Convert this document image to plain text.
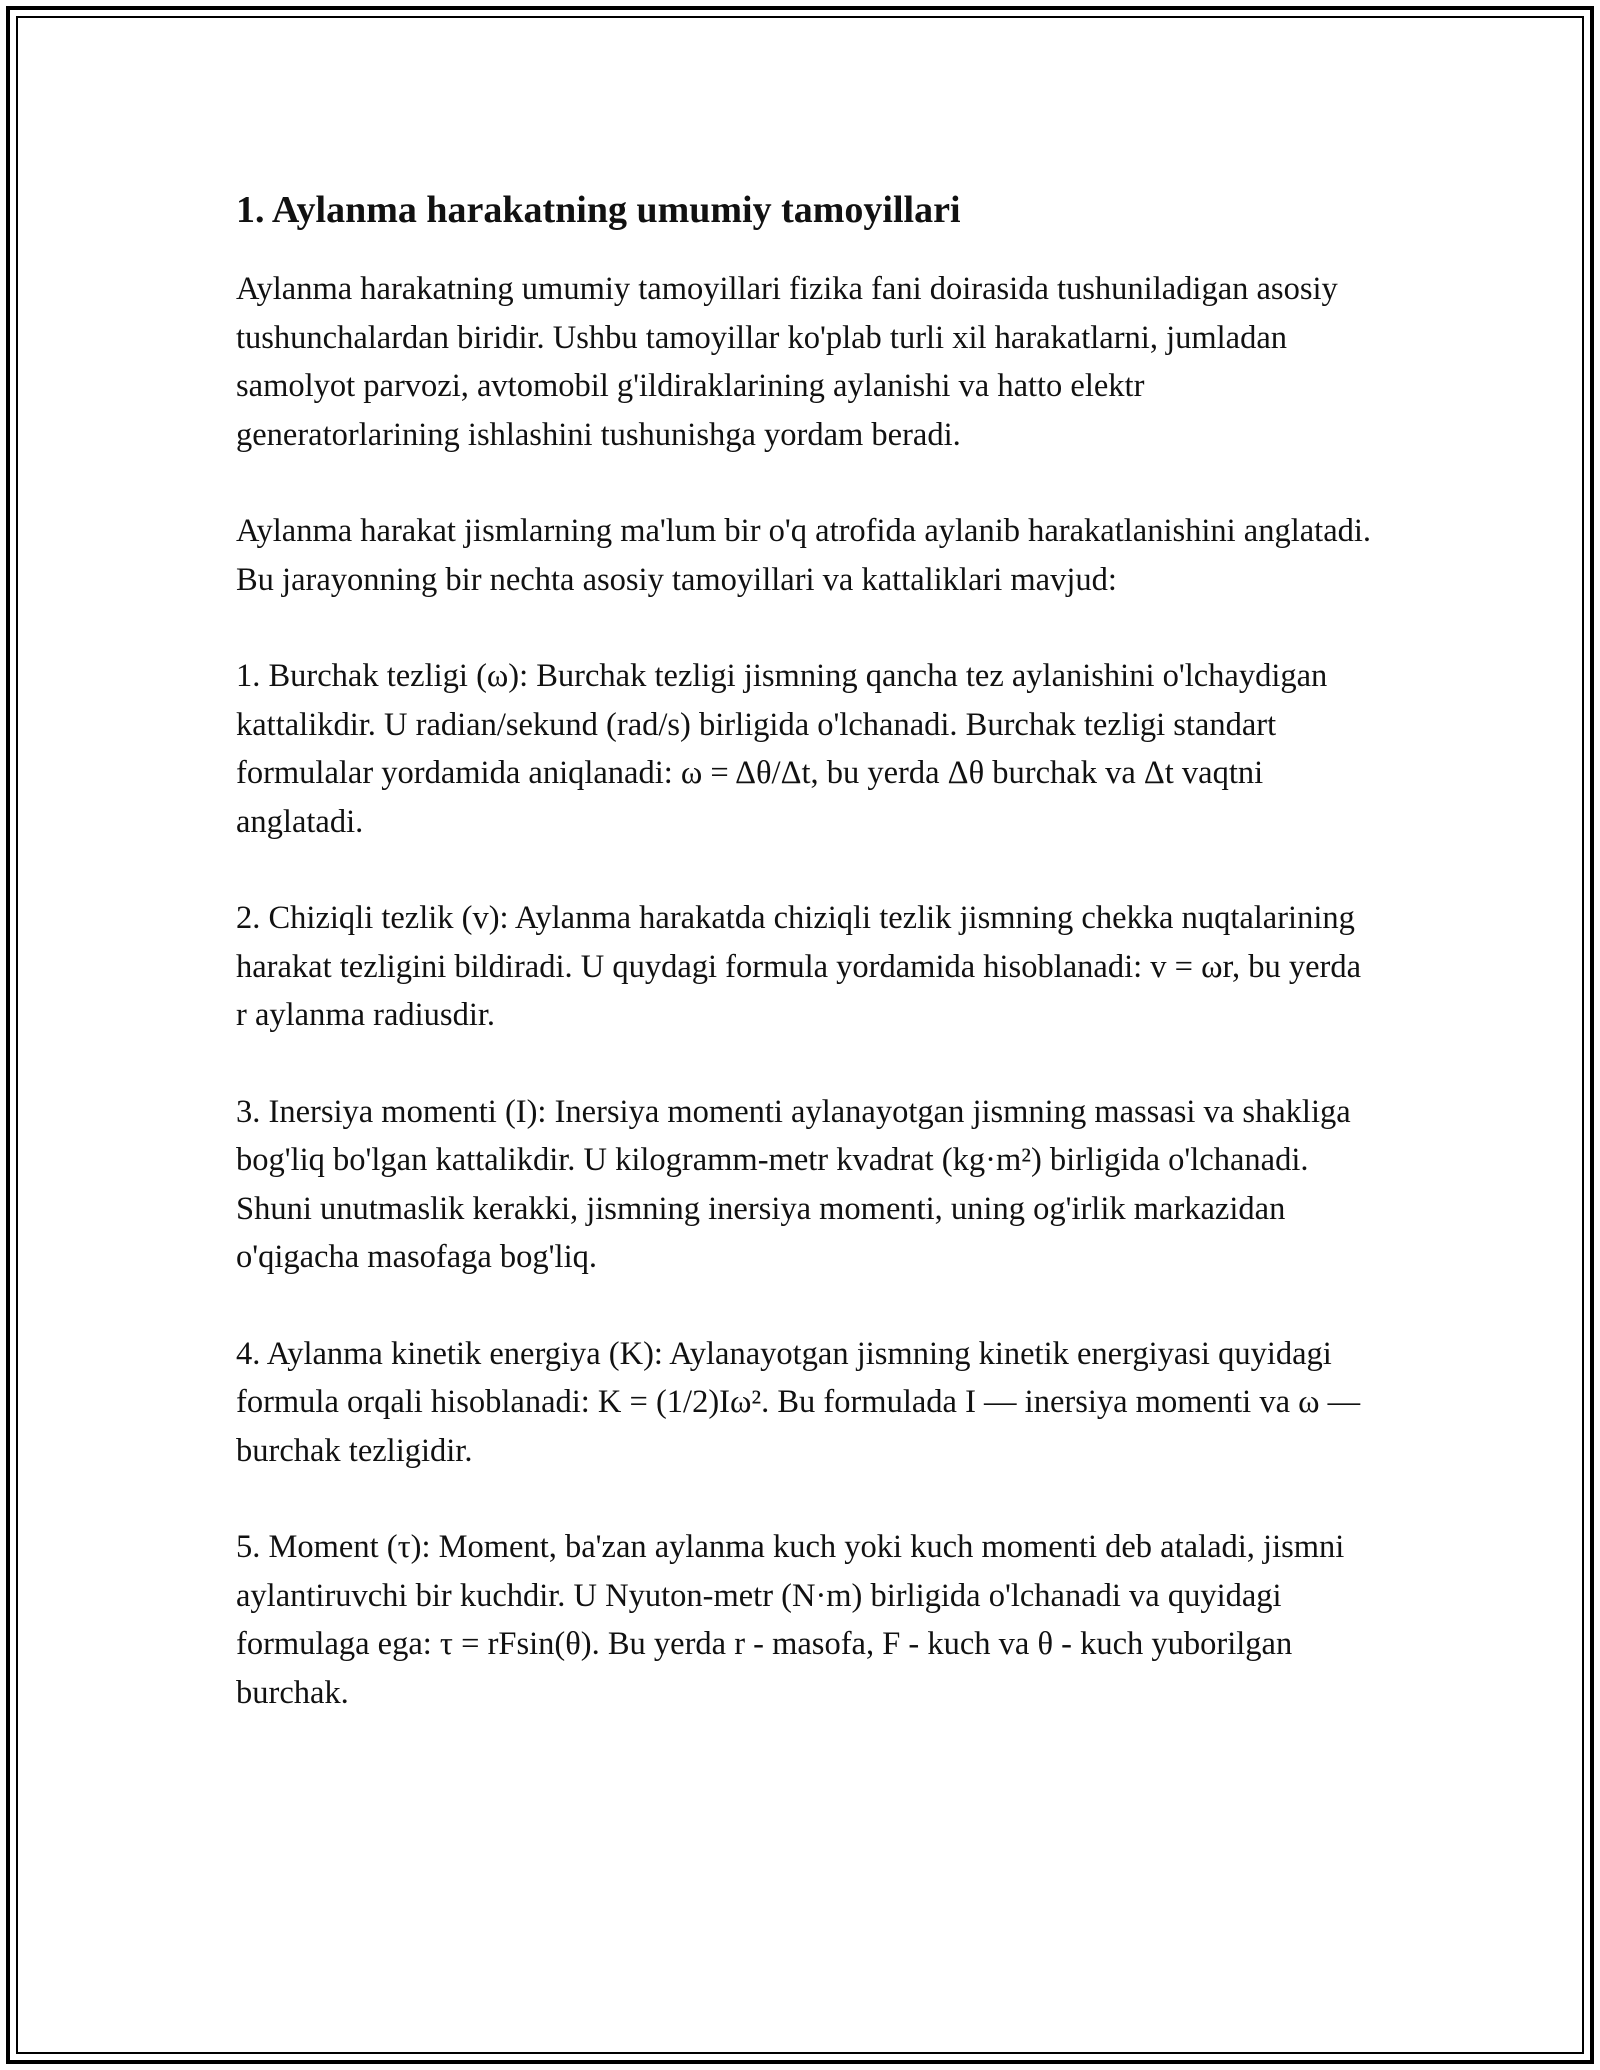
1. Aylanma harakatning umumiy tamoyillari

Aylanma harakatning umumiy tamoyillari fizika fani doirasida tushuniladigan asosiy tushunchalardan biridir. Ushbu tamoyillar ko'plab turli xil harakatlarni, jumladan samolyot parvozi, avtomobil g'ildiraklarining aylanishi va hatto elektr generatorlarining ishlashini tushunishga yordam beradi.

Aylanma harakat jismlarning ma'lum bir o'q atrofida aylanib harakatlanishini anglatadi. Bu jarayonning bir nechta asosiy tamoyillari va kattaliklari mavjud:

1. Burchak tezligi (ω): Burchak tezligi jismning qancha tez aylanishini o'lchaydigan kattalikdir. U radian/sekund (rad/s) birligida o'lchanadi. Burchak tezligi standart formulalar yordamida aniqlanadi: ω = Δθ/Δt, bu yerda Δθ burchak va Δt vaqtni anglatadi.

2. Chiziqli tezlik (v): Aylanma harakatda chiziqli tezlik jismning chekka nuqtalarining harakat tezligini bildiradi. U quydagi formula yordamida hisoblanadi: v = ωr, bu yerda r aylanma radiusdir.

3. Inersiya momenti (I): Inersiya momenti aylanayotgan jismning massasi va shakliga bog'liq bo'lgan kattalikdir. U kilogramm-metr kvadrat (kg·m²) birligida o'lchanadi. Shuni unutmaslik kerakki, jismning inersiya momenti, uning og'irlik markazidan o'qigacha masofaga bog'liq.

4. Aylanma kinetik energiya (K): Aylanayotgan jismning kinetik energiyasi quyidagi formula orqali hisoblanadi: K = (1/2)Iω². Bu formulada I — inersiya momenti va ω — burchak tezligidir.

5. Moment (τ): Moment, ba'zan aylanma kuch yoki kuch momenti deb ataladi, jismni aylantiruvchi bir kuchdir. U Nyuton-metr (N·m) birligida o'lchanadi va quyidagi formulaga ega: τ = rFsin(θ). Bu yerda r - masofa, F - kuch va θ - kuch yuborilgan burchak.
